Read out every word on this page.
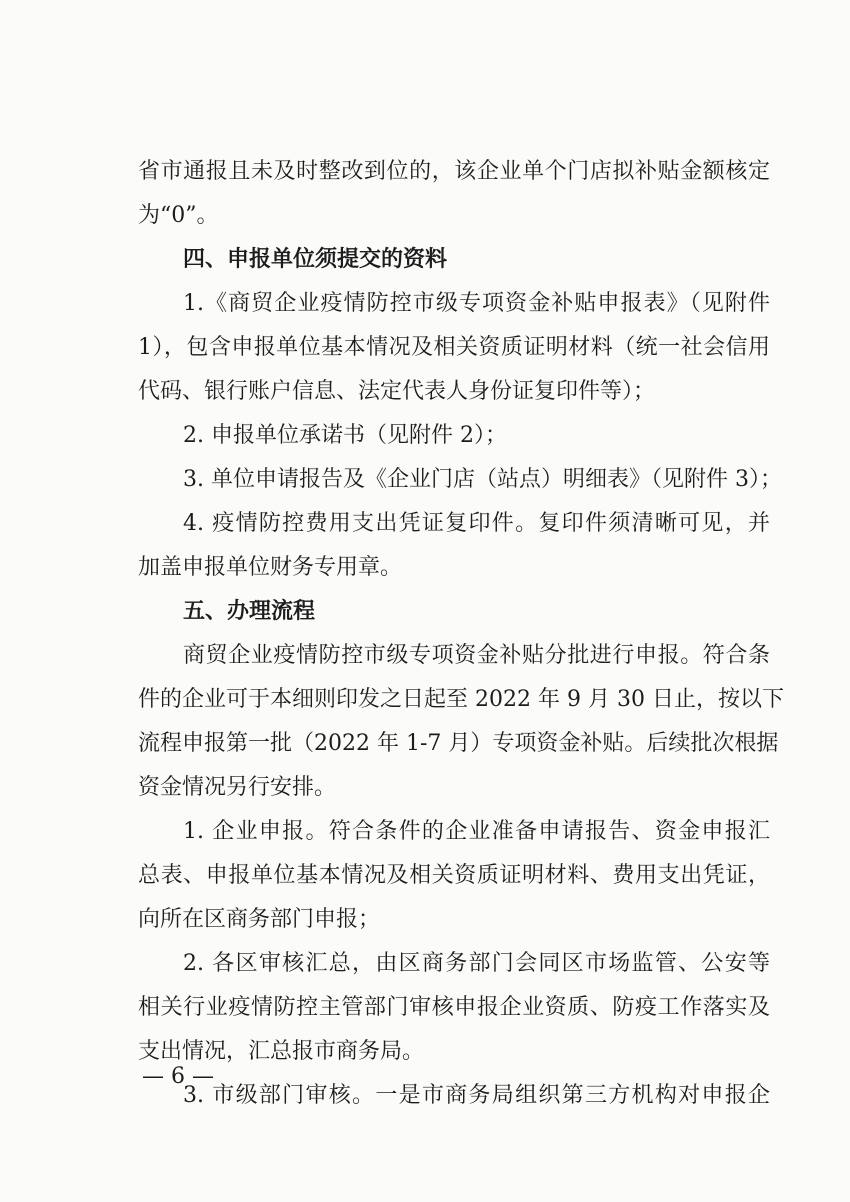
省市通报且未及时整改到位的，该企业单个门店拟补贴金额核定
为“0”。
四、申报单位须提交的资料
1.《商贸企业疫情防控市级专项资金补贴申报表》（见附件
1），包含申报单位基本情况及相关资质证明材料（统一社会信用
代码、银行账户信息、法定代表人身份证复印件等）；
2. 申报单位承诺书（见附件 2）；
3. 单位申请报告及《企业门店（站点）明细表》（见附件 3）；
4. 疫情防控费用支出凭证复印件。复印件须清晰可见，并
加盖申报单位财务专用章。
五、办理流程
商贸企业疫情防控市级专项资金补贴分批进行申报。符合条
件的企业可于本细则印发之日起至 2022 年 9 月 30 日止，按以下
流程申报第一批（2022 年 1-7 月）专项资金补贴。后续批次根据
资金情况另行安排。
1. 企业申报。符合条件的企业准备申请报告、资金申报汇
总表、申报单位基本情况及相关资质证明材料、费用支出凭证，
向所在区商务部门申报；
2. 各区审核汇总，由区商务部门会同区市场监管、公安等
相关行业疫情防控主管部门审核申报企业资质、防疫工作落实及
支出情况，汇总报市商务局。
3. 市级部门审核。一是市商务局组织第三方机构对申报企
— 6 —
